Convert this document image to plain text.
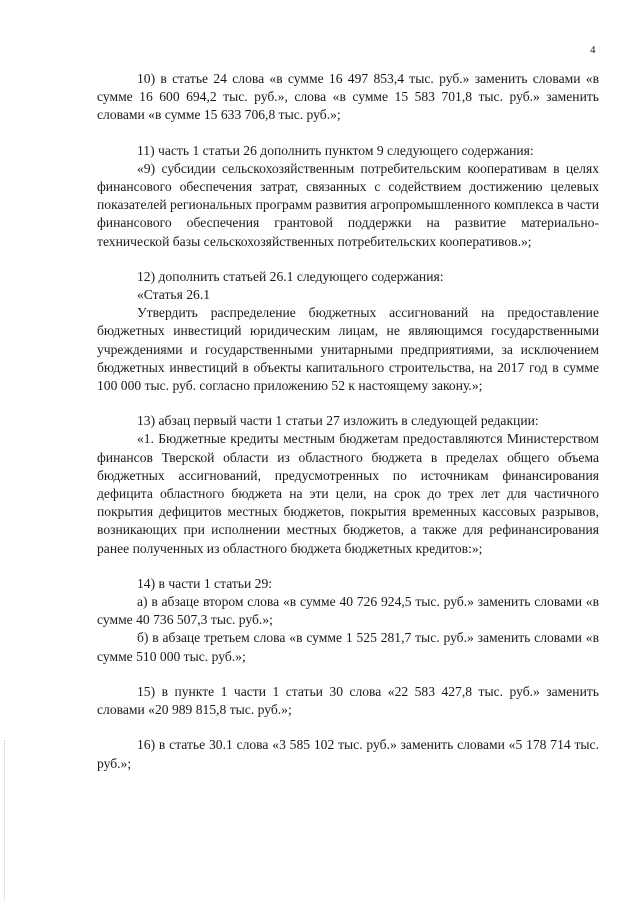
4

10) в статье 24 слова «в сумме 16 497 853,4 тыс. руб.» заменить словами «в сумме 16 600 694,2 тыс. руб.», слова «в сумме 15 583 701,8 тыс. руб.» заменить словами «в сумме 15 633 706,8 тыс. руб.»;

11) часть 1 статьи 26 дополнить пунктом 9 следующего содержания:

«9) субсидии сельскохозяйственным потребительским кооперативам в целях финансового обеспечения затрат, связанных с содействием достижению целевых показателей региональных программ развития агропромышленного комплекса в части финансового обеспечения грантовой поддержки на развитие материально-технической базы сельскохозяйственных потребительских кооперативов.»;

12) дополнить статьей 26.1 следующего содержания:

«Статья 26.1

Утвердить распределение бюджетных ассигнований на предоставление бюджетных инвестиций юридическим лицам, не являющимся государственными учреждениями и государственными унитарными предприятиями, за исключением бюджетных инвестиций в объекты капитального строительства, на 2017 год в сумме 100 000 тыс. руб. согласно приложению 52 к настоящему закону.»;

13) абзац первый части 1 статьи 27 изложить в следующей редакции:

«1. Бюджетные кредиты местным бюджетам предоставляются Министерством финансов Тверской области из областного бюджета в пределах общего объема бюджетных ассигнований, предусмотренных по источникам финансирования дефицита областного бюджета на эти цели, на срок до трех лет для частичного покрытия дефицитов местных бюджетов, покрытия временных кассовых разрывов, возникающих при исполнении местных бюджетов, а также для рефинансирования ранее полученных из областного бюджета бюджетных кредитов:»;

14) в части 1 статьи 29:

а) в абзаце втором слова «в сумме 40 726 924,5 тыс. руб.» заменить словами «в сумме 40 736 507,3 тыс. руб.»;

б) в абзаце третьем слова «в сумме 1 525 281,7 тыс. руб.» заменить словами «в сумме 510 000 тыс. руб.»;

15) в пункте 1 части 1 статьи 30 слова «22 583 427,8 тыс. руб.» заменить словами «20 989 815,8 тыс. руб.»;

16) в статье 30.1 слова «3 585 102 тыс. руб.» заменить словами «5 178 714 тыс. руб.»;
